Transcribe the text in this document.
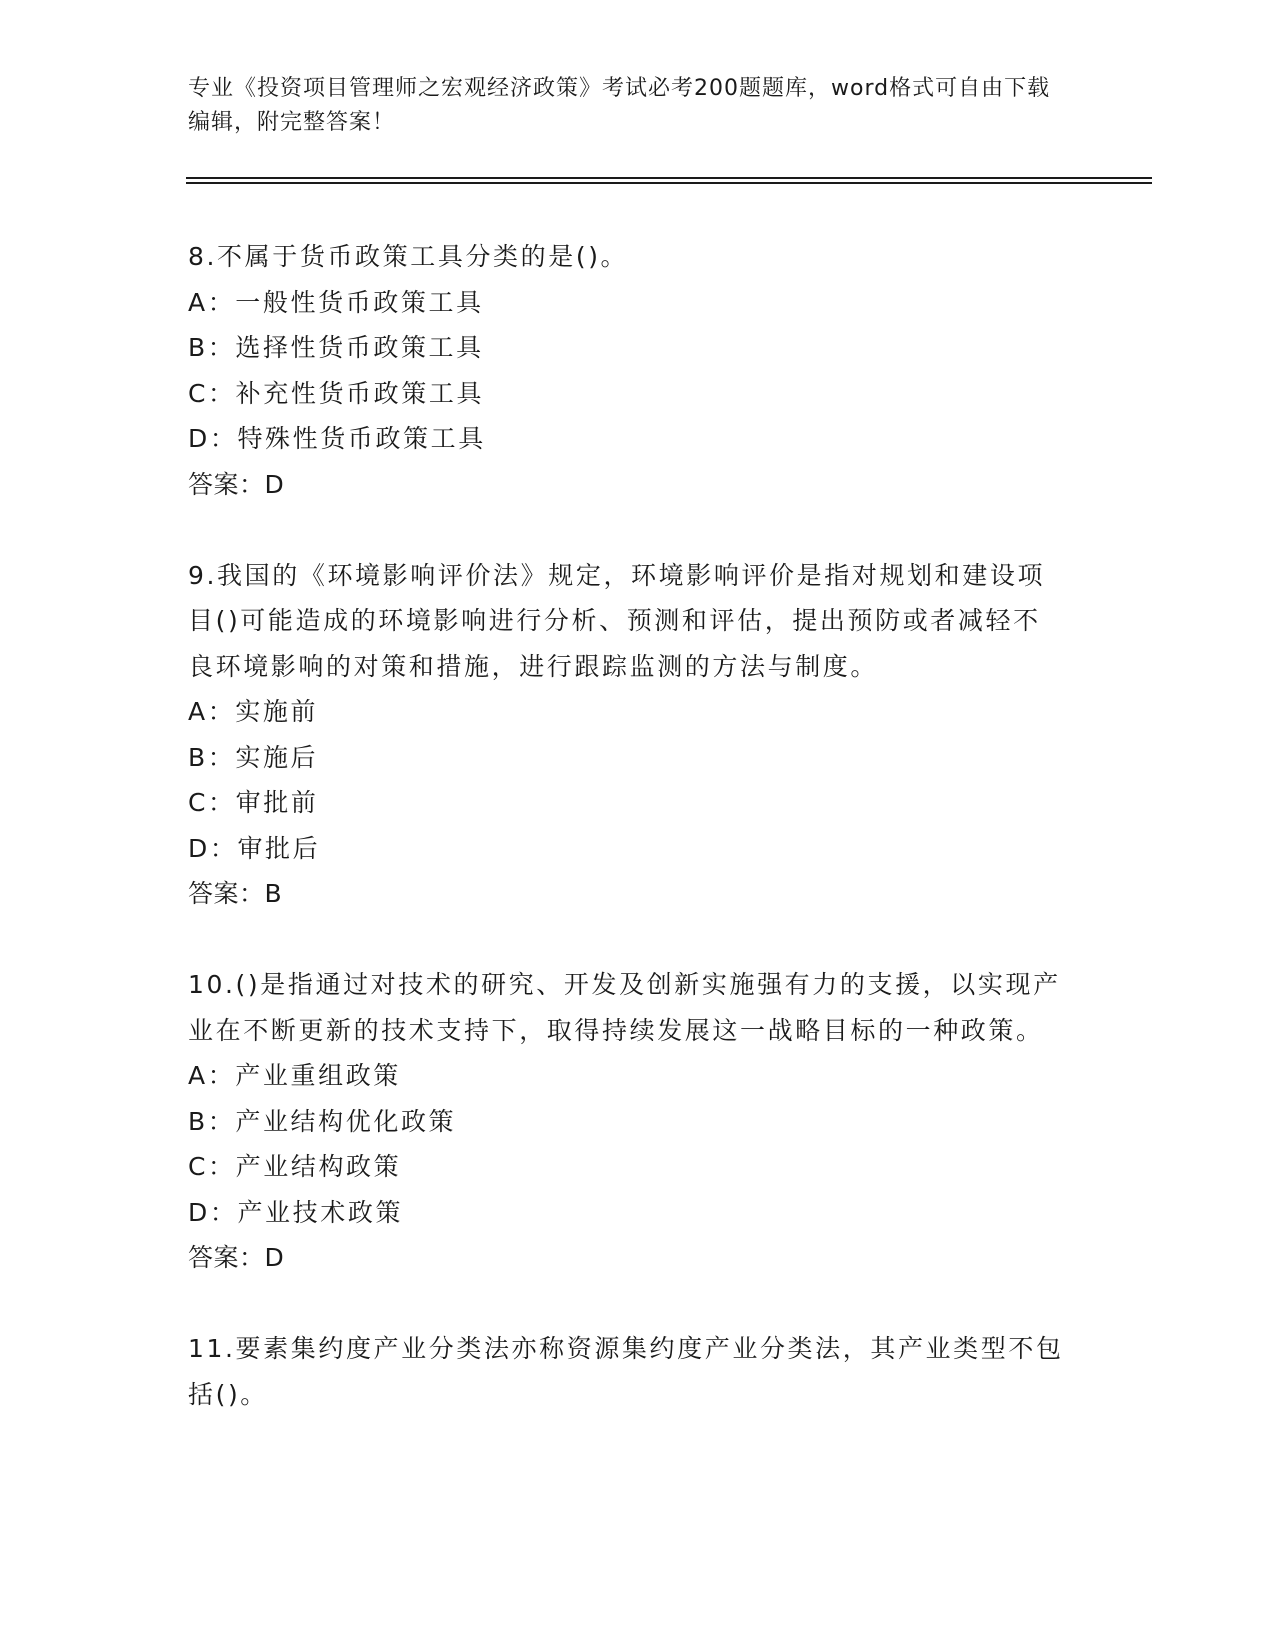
专业《投资项目管理师之宏观经济政策》考试必考200题题库，word格式可自由下载编辑，附完整答案！
8.不属于货币政策工具分类的是()。
A：一般性货币政策工具
B：选择性货币政策工具
C：补充性货币政策工具
D：特殊性货币政策工具
答案：D
9.我国的《环境影响评价法》规定，环境影响评价是指对规划和建设项目()可能造成的环境影响进行分析、预测和评估，提出预防或者减轻不良环境影响的对策和措施，进行跟踪监测的方法与制度。
A：实施前
B：实施后
C：审批前
D：审批后
答案：B
10.()是指通过对技术的研究、开发及创新实施强有力的支援，以实现产业在不断更新的技术支持下，取得持续发展这一战略目标的一种政策。
A：产业重组政策
B：产业结构优化政策
C：产业结构政策
D：产业技术政策
答案：D
11.要素集约度产业分类法亦称资源集约度产业分类法，其产业类型不包括()。
